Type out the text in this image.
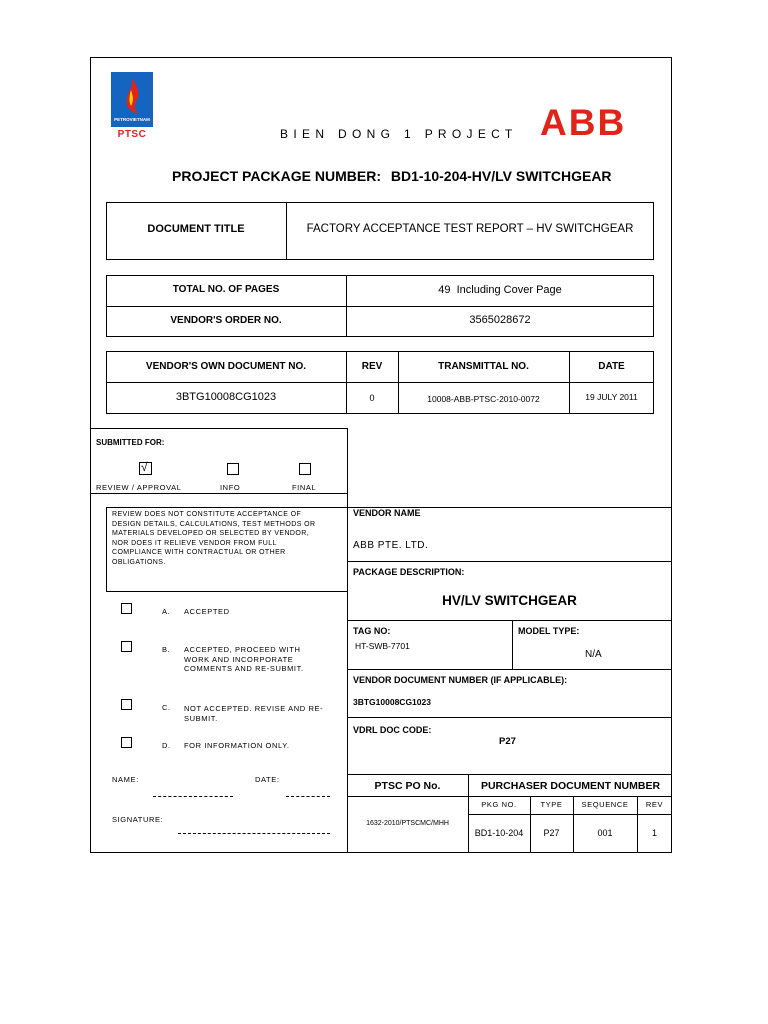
PETROVIETNAM
PTSC	B I E N   D O N G   1   P R O J E C T ABB
PROJECT PACKAGE NUMBER: BD1-10-204-HV/LV SWITCHGEAR
DOCUMENT TITLE	FACTORY ACCEPTANCE TEST REPORT – HV SWITCHGEAR
TOTAL NO. OF PAGES	49  Including Cover Page
VENDOR'S ORDER NO.	3565028672
VENDOR'S OWN DOCUMENT NO.	REV	TRANSMITTAL NO.	DATE
3BTG10008CG1023	0	10008-ABB-PTSC-2010-0072	19 JULY 2011
SUBMITTED FOR:
√
REVIEW / APPROVAL	INFO	FINAL
REVIEW DOES NOT CONSTITUTE ACCEPTANCE OF DESIGN DETAILS, CALCULATIONS, TEST METHODS OR MATERIALS DEVELOPED OR SELECTED BY VENDOR, NOR DOES IT RELIEVE VENDOR FROM FULL COMPLIANCE WITH CONTRACTUAL OR OTHER OBLIGATIONS.
A. ACCEPTED
B. ACCEPTED, PROCEED WITH WORK AND INCORPORATE COMMENTS AND RE-SUBMIT.
C. NOT ACCEPTED. REVISE AND RE-SUBMIT.
D. FOR INFORMATION ONLY.
NAME:	DATE:
SIGNATURE:
VENDOR NAME
ABB PTE. LTD.
PACKAGE DESCRIPTION:
HV/LV SWITCHGEAR
TAG NO:
HT-SWB-7701
MODEL TYPE:
N/A
VENDOR DOCUMENT NUMBER (IF APPLICABLE):
3BTG10008CG1023
VDRL DOC CODE:
P27
PTSC PO No.	PURCHASER DOCUMENT NUMBER
1632-2010/PTSCMC/MHH
PKG NO.	TYPE	SEQUENCE	REV
BD1-10-204	P27	001	1
